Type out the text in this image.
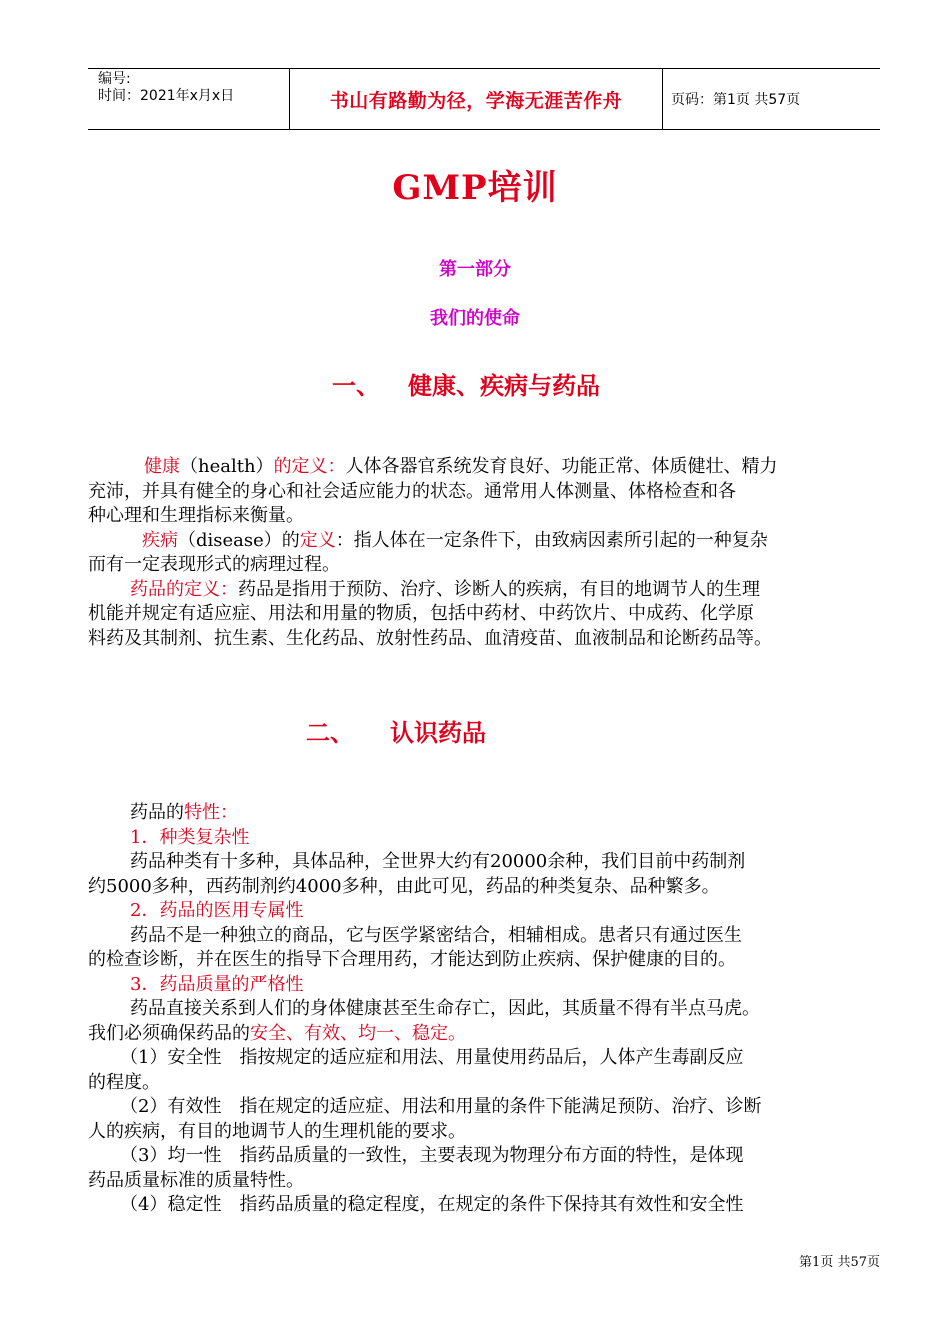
编号:
时间：2021年x月x日	书山有路勤为径，学海无涯苦作舟	页码：第1页 共57页
GMP培训
第一部分
我们的使命
一、 健康、疾病与药品
健康（health）的定义：人体各器官系统发育良好、功能正常、体质健壮、精力
充沛，并具有健全的身心和社会适应能力的状态。通常用人体测量、体格检查和各
种心理和生理指标来衡量。
疾病（disease）的定义：指人体在一定条件下，由致病因素所引起的一种复杂
而有一定表现形式的病理过程。
药品的定义：药品是指用于预防、治疗、诊断人的疾病，有目的地调节人的生理
机能并规定有适应症、用法和用量的物质，包括中药材、中药饮片、中成药、化学原
料药及其制剂、抗生素、生化药品、放射性药品、血清疫苗、血液制品和论断药品等。
二、 认识药品
药品的特性：
1．种类复杂性
药品种类有十多种，具体品种，全世界大约有20000余种，我们目前中药制剂
约5000多种，西药制剂约4000多种，由此可见，药品的种类复杂、品种繁多。
2．药品的医用专属性
药品不是一种独立的商品，它与医学紧密结合，相辅相成。患者只有通过医生
的检查诊断，并在医生的指导下合理用药，才能达到防止疾病、保护健康的目的。
3．药品质量的严格性
药品直接关系到人们的身体健康甚至生命存亡，因此，其质量不得有半点马虎。
我们必须确保药品的安全、有效、均一、稳定。
（1）安全性　指按规定的适应症和用法、用量使用药品后，人体产生毒副反应
的程度。
（2）有效性　指在规定的适应症、用法和用量的条件下能满足预防、治疗、诊断
人的疾病，有目的地调节人的生理机能的要求。
（3）均一性　指药品质量的一致性，主要表现为物理分布方面的特性，是体现
药品质量标准的质量特性。
（4）稳定性　指药品质量的稳定程度，在规定的条件下保持其有效性和安全性
第1页 共57页
